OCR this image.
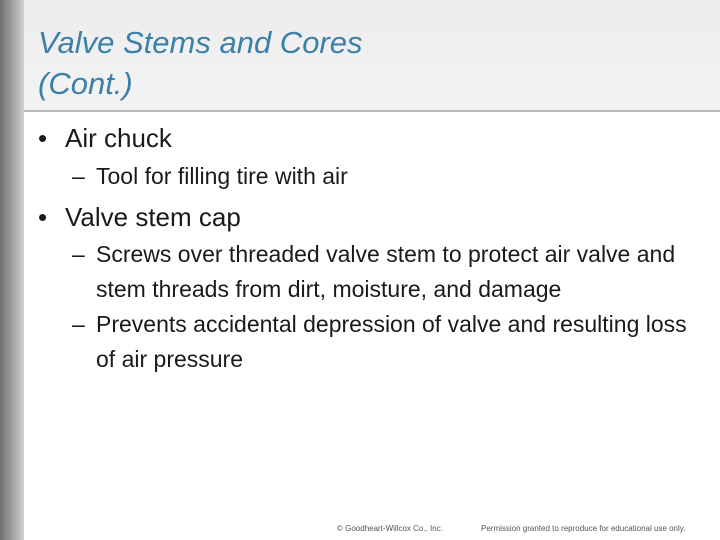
Valve Stems and Cores
(Cont.)
• Air chuck
– Tool for filling tire with air
• Valve stem cap
– Screws over threaded valve stem to protect air valve and stem threads from dirt, moisture, and damage
– Prevents accidental depression of valve and resulting loss of air pressure
© Goodheart-Willcox Co., Inc.	Permission granted to reproduce for educational use only.
